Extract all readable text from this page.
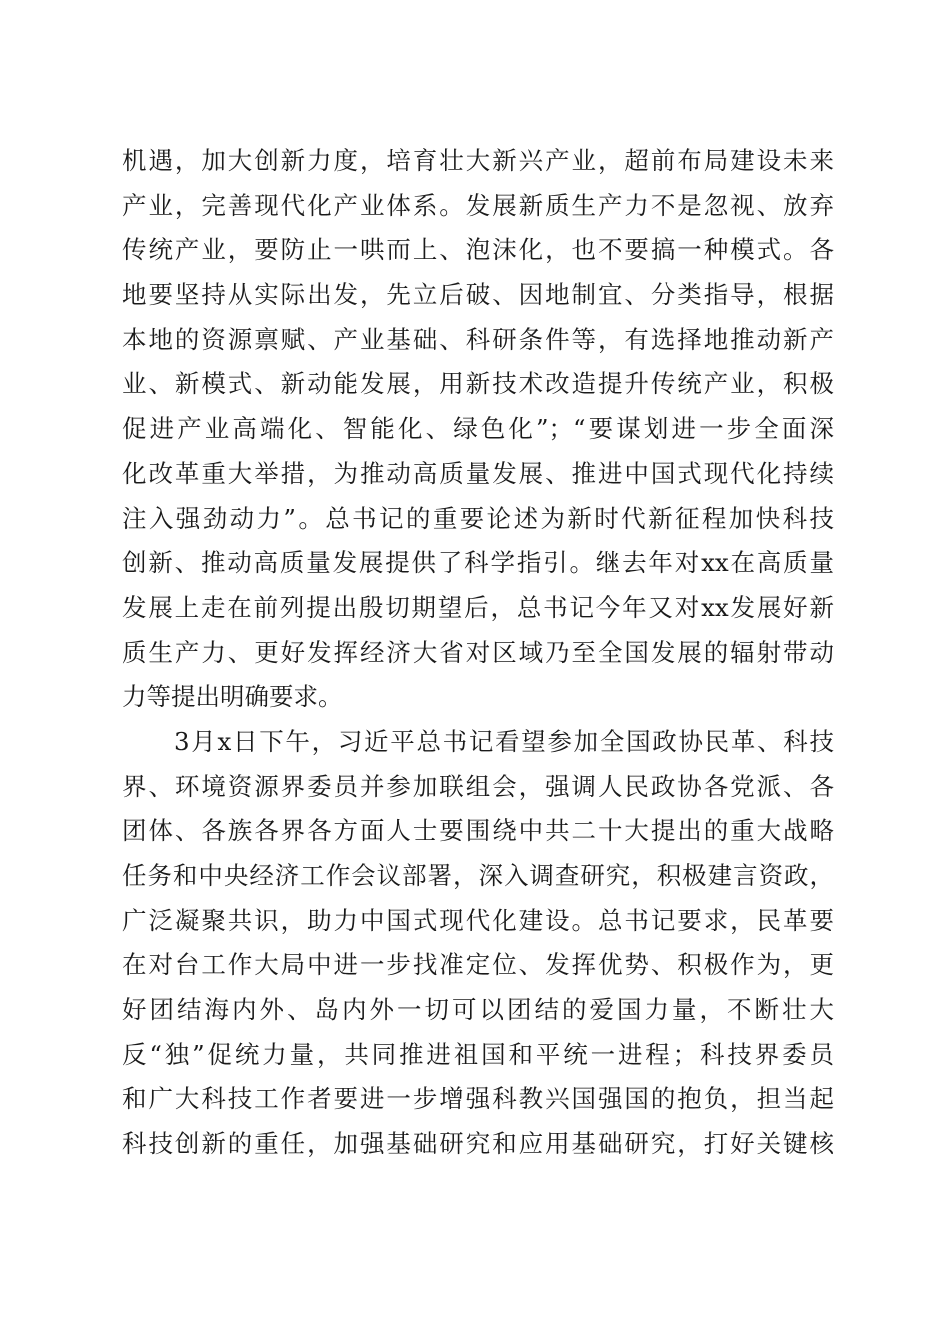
机遇，加大创新力度，培育壮大新兴产业，超前布局建设未来
产业，完善现代化产业体系。发展新质生产力不是忽视、放弃
传统产业，要防止一哄而上、泡沫化，也不要搞一种模式。各
地要坚持从实际出发，先立后破、因地制宜、分类指导，根据
本地的资源禀赋、产业基础、科研条件等，有选择地推动新产
业、新模式、新动能发展，用新技术改造提升传统产业，积极
促进产业高端化、智能化、绿色化”；“要谋划进一步全面深
化改革重大举措，为推动高质量发展、推进中国式现代化持续
注入强劲动力”。总书记的重要论述为新时代新征程加快科技
创新、推动高质量发展提供了科学指引。继去年对xx在高质量
发展上走在前列提出殷切期望后，总书记今年又对xx发展好新
质生产力、更好发挥经济大省对区域乃至全国发展的辐射带动
力等提出明确要求。
3月x日下午，习近平总书记看望参加全国政协民革、科技
界、环境资源界委员并参加联组会，强调人民政协各党派、各
团体、各族各界各方面人士要围绕中共二十大提出的重大战略
任务和中央经济工作会议部署，深入调查研究，积极建言资政，
广泛凝聚共识，助力中国式现代化建设。总书记要求，民革要
在对台工作大局中进一步找准定位、发挥优势、积极作为，更
好团结海内外、岛内外一切可以团结的爱国力量，不断壮大
反“独”促统力量，共同推进祖国和平统一进程；科技界委员
和广大科技工作者要进一步增强科教兴国强国的抱负，担当起
科技创新的重任，加强基础研究和应用基础研究，打好关键核
